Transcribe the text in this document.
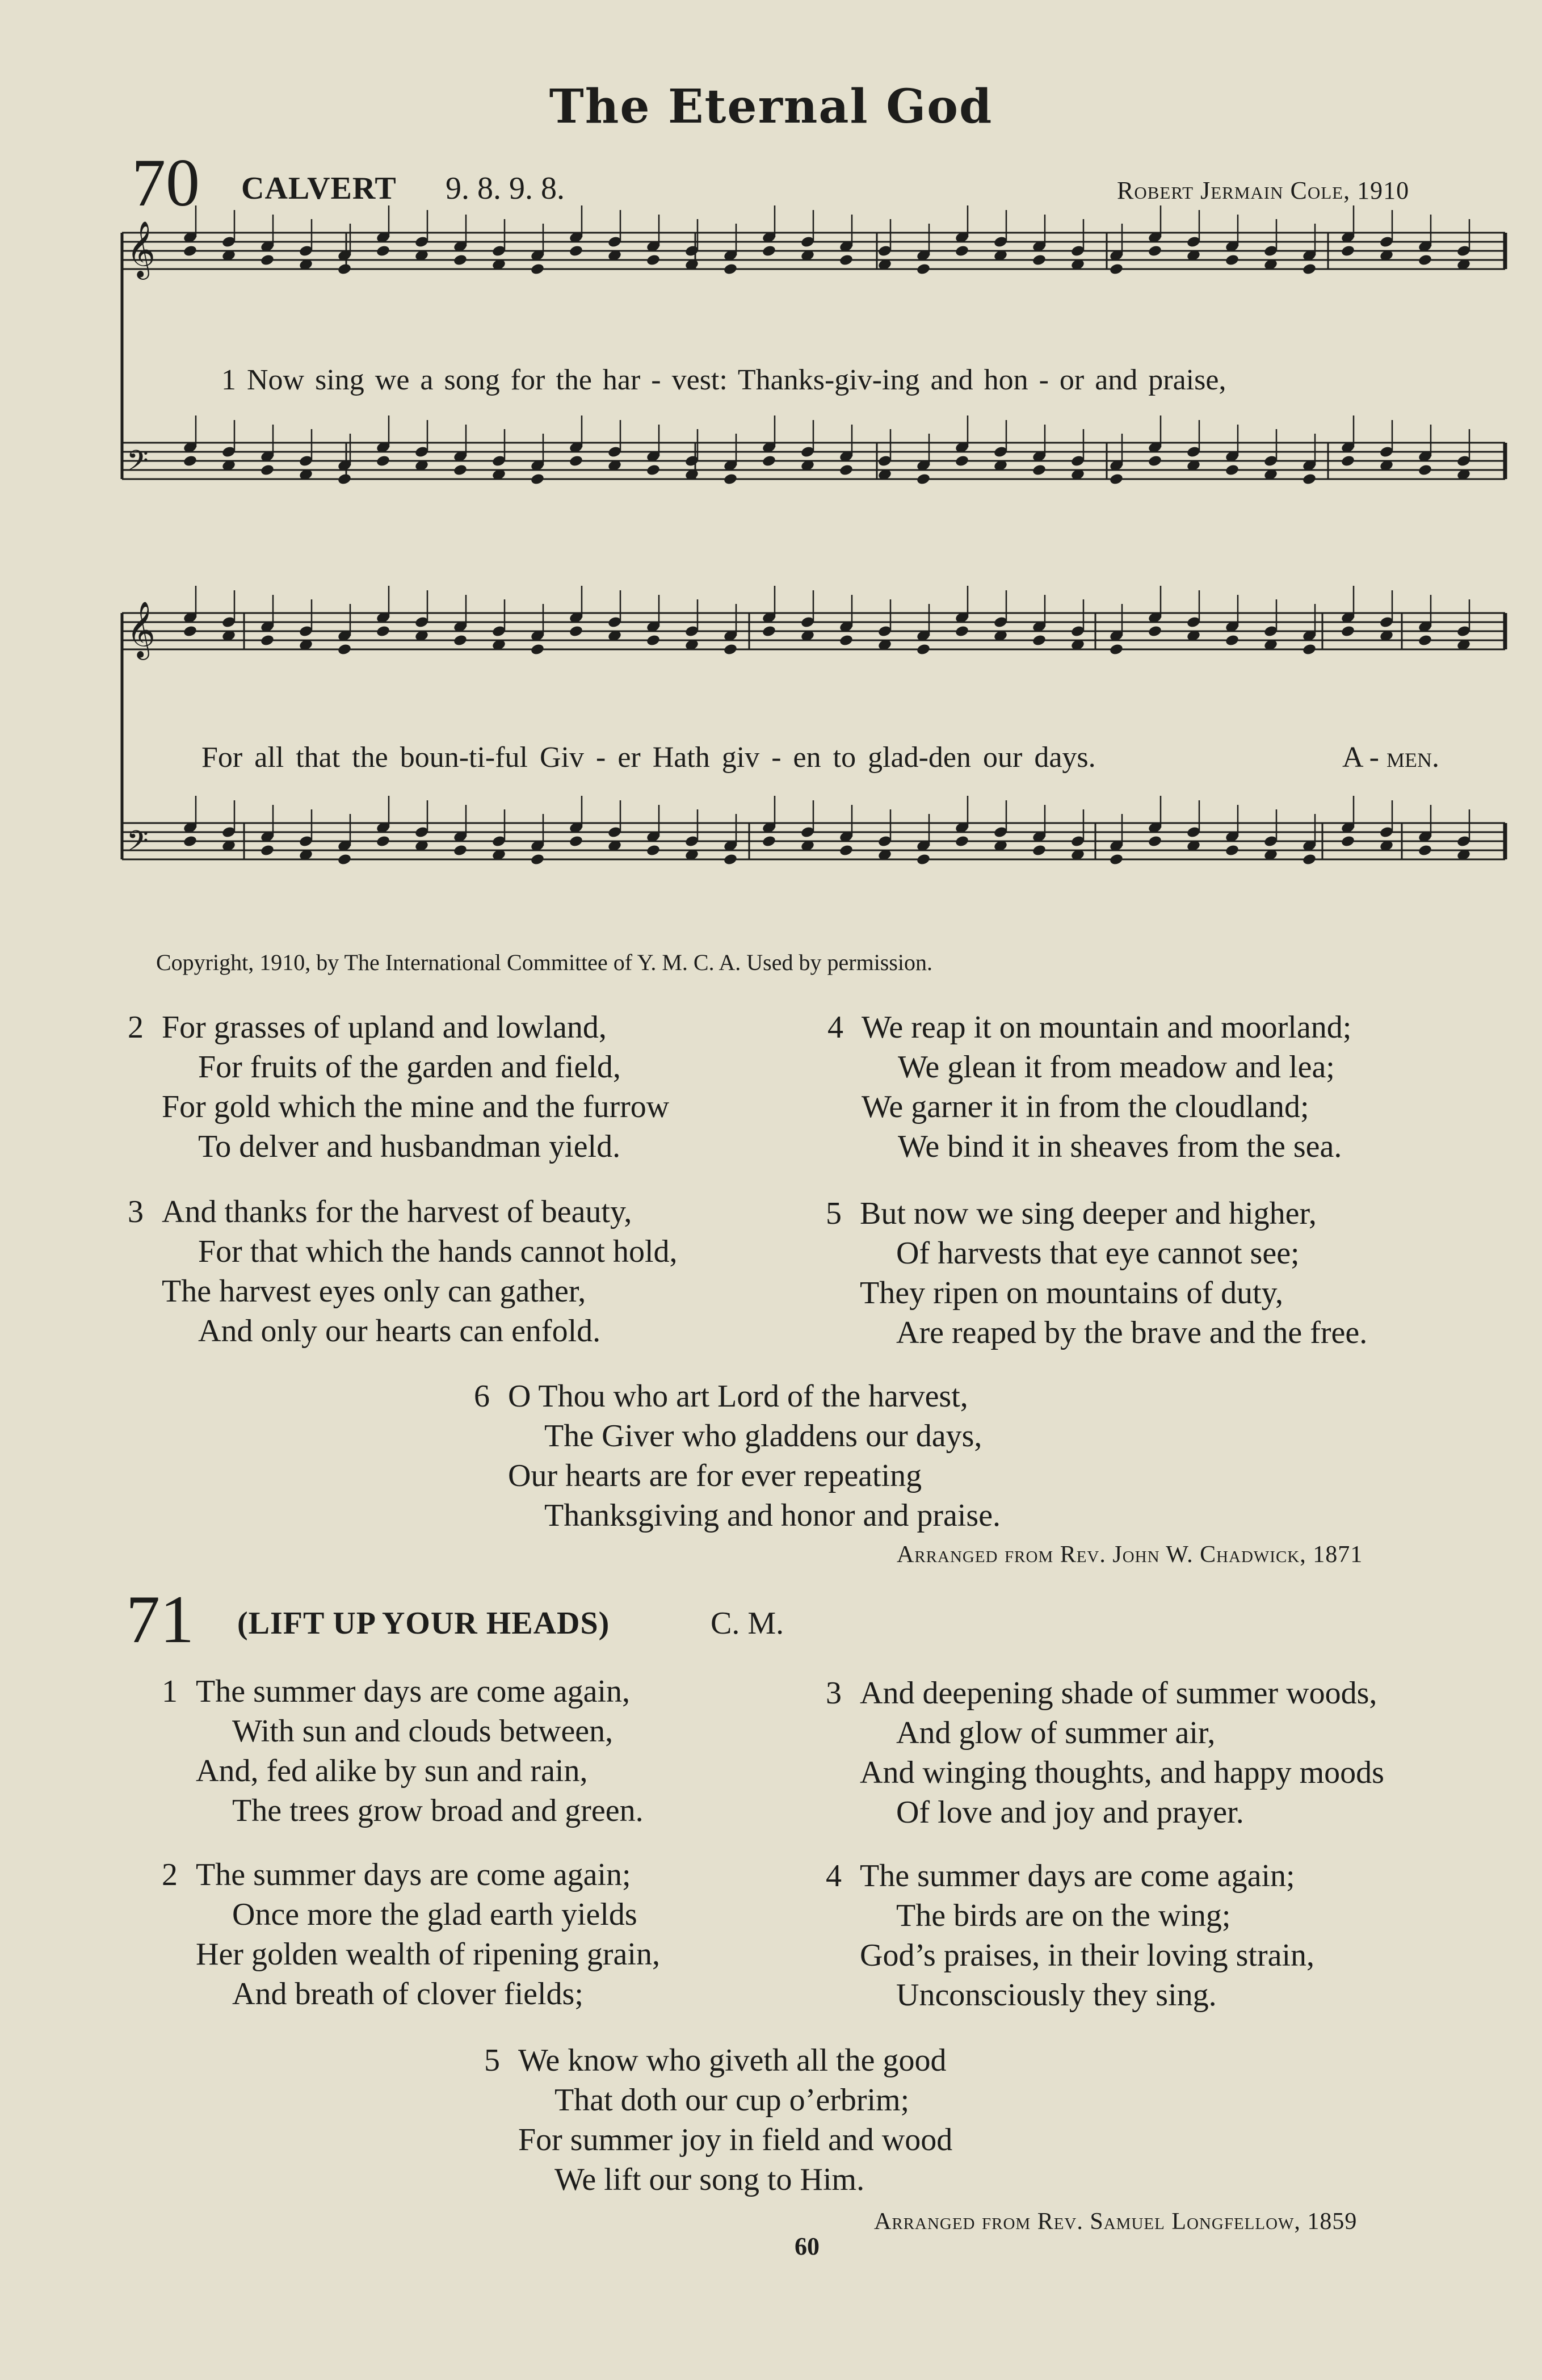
The Eternal God
70 CALVERT 9. 8. 9. 8.	Robert Jermain Cole, 1910
𝄞
𝄢
𝄞
𝄢
1 Now sing we a song for the har - vest: Thanks-giv-ing and hon - or and praise,
For all that the boun-ti-ful Giv - er Hath giv - en to glad-den our days.	A - men.
Copyright, 1910, by The International Committee of Y. M. C. A. Used by permission.
2 For grasses of upland and lowland,
For fruits of the garden and field,
For gold which the mine and the furrow
To delver and husbandman yield.
4 We reap it on mountain and moorland;
We glean it from meadow and lea;
We garner it in from the cloudland;
We bind it in sheaves from the sea.
3 And thanks for the harvest of beauty,
For that which the hands cannot hold,
The harvest eyes only can gather,
And only our hearts can enfold.
5 But now we sing deeper and higher,
Of harvests that eye cannot see;
They ripen on mountains of duty,
Are reaped by the brave and the free.
6 O Thou who art Lord of the harvest,
The Giver who gladdens our days,
Our hearts are for ever repeating
Thanksgiving and honor and praise.
Arranged from Rev. John W. Chadwick, 1871
71 (LIFT UP YOUR HEADS)	C. M.
1 The summer days are come again,
With sun and clouds between,
And, fed alike by sun and rain,
The trees grow broad and green.
3 And deepening shade of summer woods,
And glow of summer air,
And winging thoughts, and happy moods
Of love and joy and prayer.
2 The summer days are come again;
Once more the glad earth yields
Her golden wealth of ripening grain,
And breath of clover fields;
4 The summer days are come again;
The birds are on the wing;
God’s praises, in their loving strain,
Unconsciously they sing.
5 We know who giveth all the good
That doth our cup o’erbrim;
For summer joy in field and wood
We lift our song to Him.
Arranged from Rev. Samuel Longfellow, 1859
60
